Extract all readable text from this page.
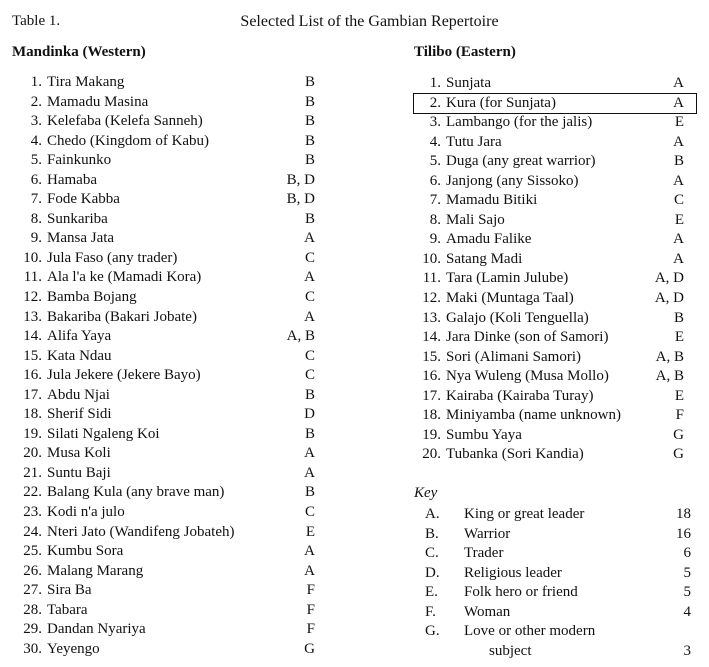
Table 1.	Selected List of the Gambian Repertoire
Mandinka (Western)	Tilibo (Eastern)
1. Tira Makang	B
2. Mamadu Masina	B
3. Kelefaba (Kelefa Sanneh)	B
4. Chedo (Kingdom of Kabu)	B
5. Fainkunko	B
6. Hamaba	B, D
7. Fode Kabba	B, D
8. Sunkariba	B
9. Mansa Jata	A
10. Jula Faso (any trader)	C
11. Ala l'a ke (Mamadi Kora)	A
12. Bamba Bojang	C
13. Bakariba (Bakari Jobate)	A
14. Alifa Yaya	A, B
15. Kata Ndau	C
16. Jula Jekere (Jekere Bayo)	C
17. Abdu Njai	B
18. Sherif Sidi	D
19. Silati Ngaleng Koi	B
20. Musa Koli	A
21. Suntu Baji	A
22. Balang Kula (any brave man)	B
23. Kodi n'a julo	C
24. Nteri Jato (Wandifeng Jobateh)	E
25. Kumbu Sora	A
26. Malang Marang	A
27. Sira Ba	F
28. Tabara	F
29. Dandan Nyariya	F
30. Yeyengo	G
1. Sunjata	A
2. Kura (for Sunjata)	A
3. Lambango (for the jalis)	E
4. Tutu Jara	A
5. Duga (any great warrior)	B
6. Janjong (any Sissoko)	A
7. Mamadu Bitiki	C
8. Mali Sajo	E
9. Amadu Falike	A
10. Satang Madi	A
11. Tara (Lamin Julube)	A, D
12. Maki (Muntaga Taal)	A, D
13. Galajo (Koli Tenguella)	B
14. Jara Dinke (son of Samori)	E
15. Sori (Alimani Samori)	A, B
16. Nya Wuleng (Musa Mollo)	A, B
17. Kairaba (Kairaba Turay)	E
18. Miniyamba (name unknown)	F
19. Sumbu Yaya	G
20. Tubanka (Sori Kandia)	G
Key
A. King or great leader	18
B. Warrior	16
C. Trader	6
D. Religious leader	5
E. Folk hero or friend	5
F. Woman	4
G. Love or other modern
subject	3
